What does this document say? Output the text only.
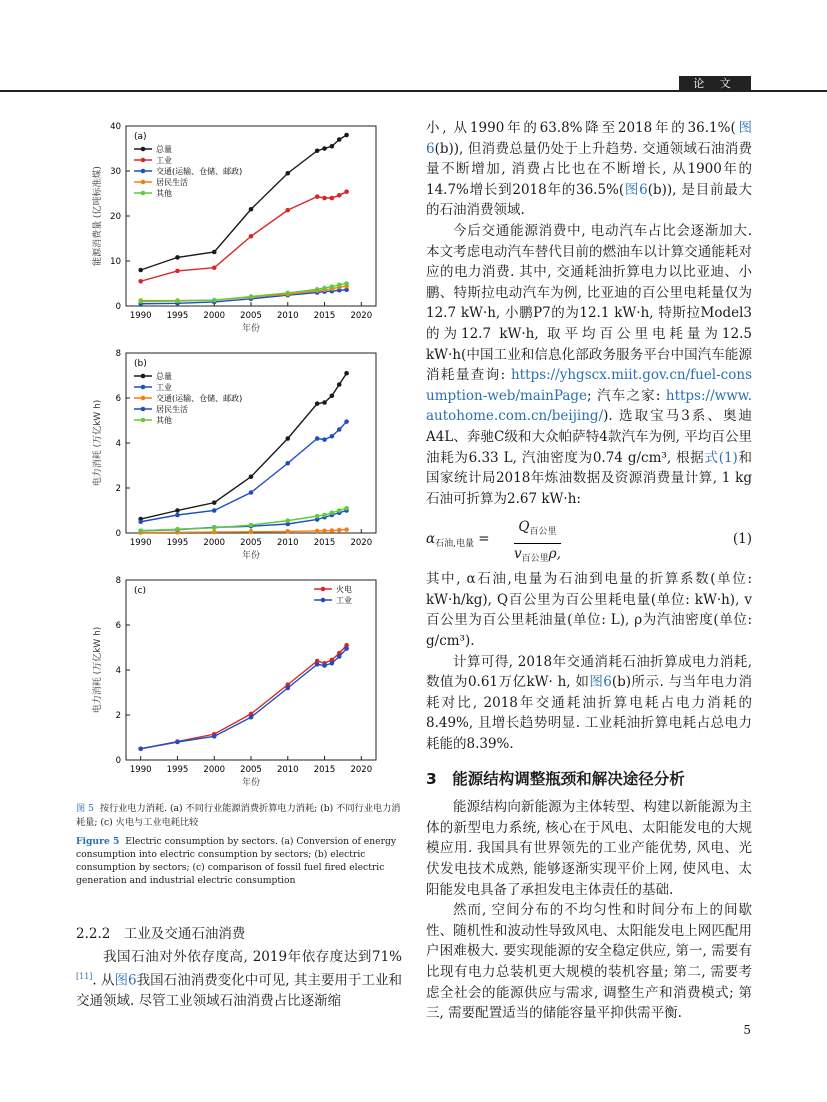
论 文
1990 1995 2000 2005 2010 2015 2020
0
10
20
30
40
年份
能源消费量 (亿吨标准煤)
(a)
总量
工业
交通(运输、仓储、邮政)
居民生活
其他
1990 1995 2000 2005 2010 2015 2020
0
2
4
6
8
年份
电力消耗 (万亿kW h)
(b)
总量
工业
交通(运输、仓储、邮政)
居民生活
其他
1990 1995 2000 2005 2010 2015 2020
0
2
4
6
8
年份
电力消耗 (万亿kW h)
(c)	火电
工业
图 5 按行业电力消耗. (a) 不同行业能源消费折算电力消耗; (b) 不同行业电力消耗量; (c) 火电与工业电耗比较
Figure 5 Electric consumption by sectors. (a) Conversion of energy consumption into electric consumption by sectors; (b) electric consumption by sectors; (c) comparison of fossil fuel fired electric generation and industrial electric consumption

2.2.2　工业及交通石油消费

我国石油对外依存度高, 2019年依存度达到71%[11]. 从图6我国石油消费变化中可见, 其主要用于工业和交通领域. 尽管工业领域石油消费占比逐渐缩

小, 从1990年的63.8%降至2018年的36.1%(图6(b)), 但消费总量仍处于上升趋势. 交通领域石油消费量不断增加, 消费占比也在不断增长, 从1900年的14.7%增长到2018年的36.5%(图6(b)), 是目前最大的石油消费领域.

今后交通能源消费中, 电动汽车占比会逐渐加大. 本文考虑电动汽车替代目前的燃油车以计算交通能耗对应的电力消费. 其中, 交通耗油折算电力以比亚迪、小鹏、特斯拉电动汽车为例, 比亚迪的百公里电耗量仅为12.7 kW·h, 小鹏P7的为12.1 kW·h, 特斯拉Model3的为12.7 kW·h, 取平均百公里电耗量为12.5 kW·h(中国工业和信息化部政务服务平台中国汽车能源消耗量查询: https://yhgscx.miit.gov.cn/fuel-consumption-web/mainPage; 汽车之家: https://www.autohome.com.cn/beijing/). 选取宝马3系、奥迪A4L、奔驰C级和大众帕萨特4款汽车为例, 平均百公里油耗为6.33 L, 汽油密度为0.74 g/cm³, 根据式(1)和国家统计局2018年炼油数据及资源消费量计算, 1 kg石油可折算为2.67 kW·h:

$\alpha_{石油,电量}$ =
$Q_{百公里}$
$v_{百公里}\rho$,
(1)

其中, α石油,电量为石油到电量的折算系数(单位: kW·h/kg), Q百公里为百公里耗电量(单位: kW·h), v百公里为百公里耗油量(单位: L), ρ为汽油密度(单位: g/cm³).

计算可得, 2018年交通消耗石油折算成电力消耗, 数值为0.61万亿kW· h, 如图6(b)所示. 与当年电力消耗对比, 2018年交通耗油折算电耗占电力消耗的8.49%, 且增长趋势明显. 工业耗油折算电耗占总电力耗能的8.39%.

3　能源结构调整瓶颈和解决途径分析

能源结构向新能源为主体转型、构建以新能源为主体的新型电力系统, 核心在于风电、太阳能发电的大规模应用. 我国具有世界领先的工业产能优势, 风电、光伏发电技术成熟, 能够逐渐实现平价上网, 使风电、太阳能发电具备了承担发电主体责任的基础.

然而, 空间分布的不均匀性和时间分布上的间歇性、随机性和波动性导致风电、太阳能发电上网匹配用户困难极大. 要实现能源的安全稳定供应, 第一, 需要有比现有电力总装机更大规模的装机容量; 第二, 需要考虑全社会的能源供应与需求, 调整生产和消费模式; 第三, 需要配置适当的储能容量平抑供需平衡.

5
